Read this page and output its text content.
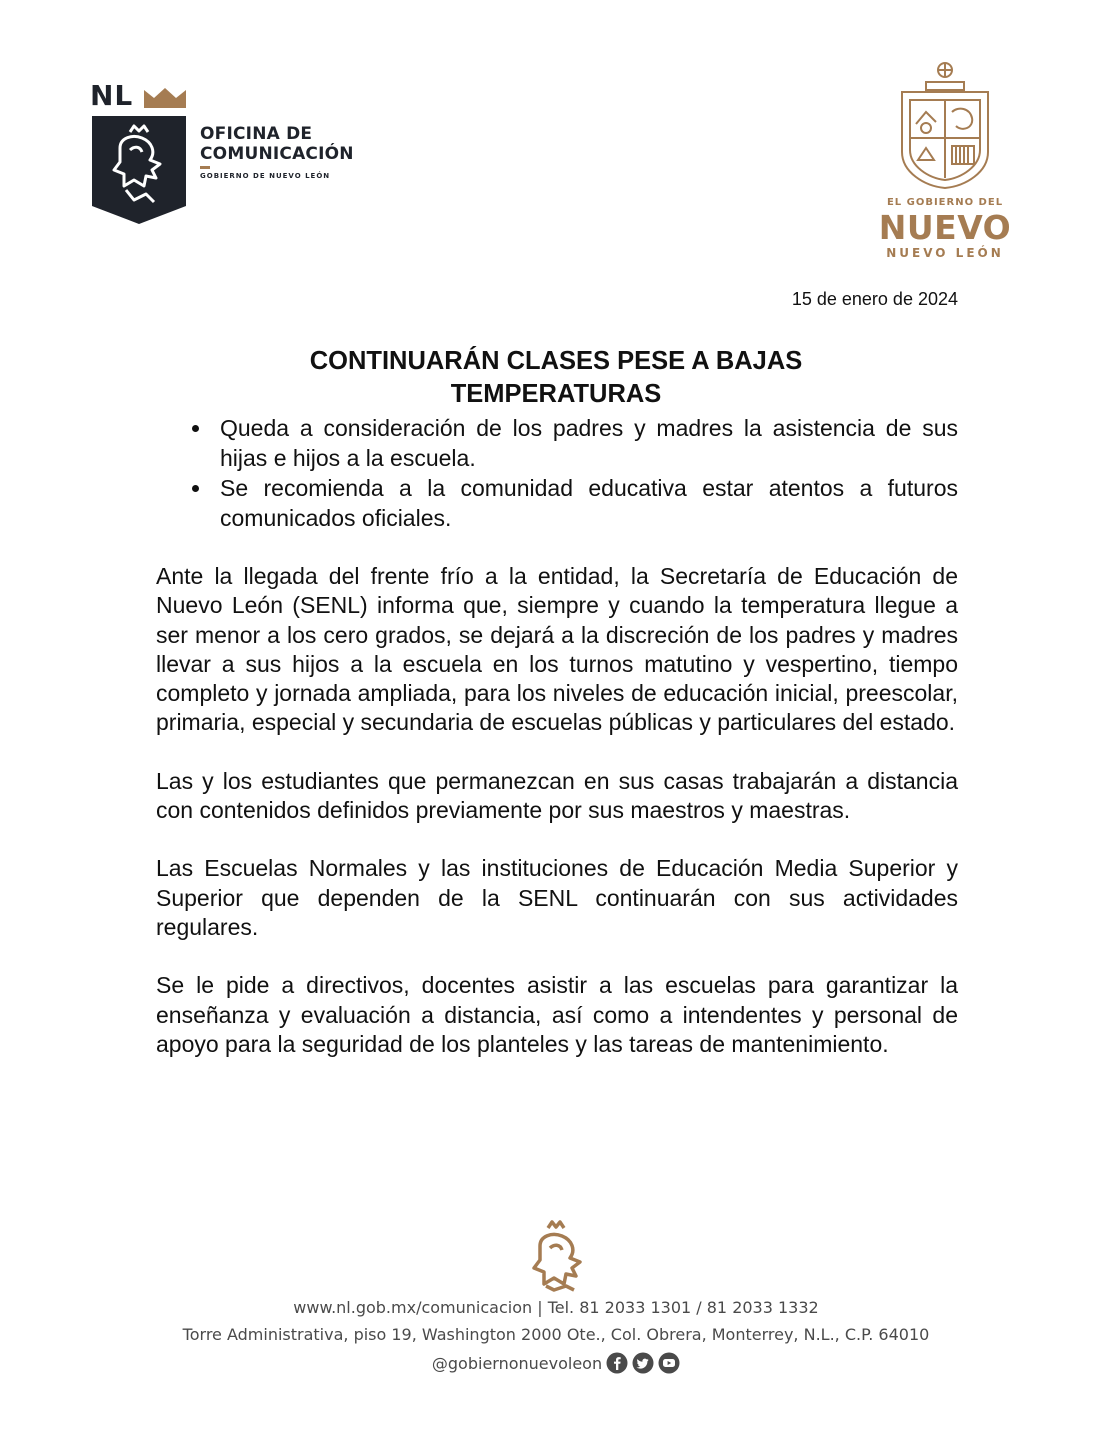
NL
OFICINA DE
COMUNICACIÓN
GOBIERNO DE NUEVO LEÓN
EL GOBIERNO DEL
NUEVO
NUEVO LEÓN
15 de enero de 2024
CONTINUARÁN CLASES PESE A BAJAS
TEMPERATURAS
Queda a consideración de los padres y madres la asistencia de sus hijas e hijos a la escuela.
Se recomienda a la comunidad educativa estar atentos a futuros comunicados oficiales.

Ante la llegada del frente frío a la entidad, la Secretaría de Educación de Nuevo León (SENL) informa que, siempre y cuando la temperatura llegue a ser menor a los cero grados, se dejará a la discreción de los padres y madres llevar a sus hijos a la escuela en los turnos matutino y vespertino, tiempo completo y jornada ampliada, para los niveles de educación inicial, preescolar, primaria, especial y secundaria de escuelas públicas y particulares del estado.

Las y los estudiantes que permanezcan en sus casas trabajarán a distancia con contenidos definidos previamente por sus maestros y maestras.

Las Escuelas Normales y las instituciones de Educación Media Superior y Superior que dependen de la SENL continuarán con sus actividades regulares.

Se le pide a directivos, docentes asistir a las escuelas para garantizar la enseñanza y evaluación a distancia, así como a intendentes y personal de apoyo para la seguridad de los planteles y las tareas de mantenimiento.

www.nl.gob.mx/comunicacion | Tel. 81 2033 1301 / 81 2033 1332
Torre Administrativa, piso 19, Washington 2000 Ote., Col. Obrera, Monterrey, N.L., C.P. 64010
@gobiernonuevoleon
